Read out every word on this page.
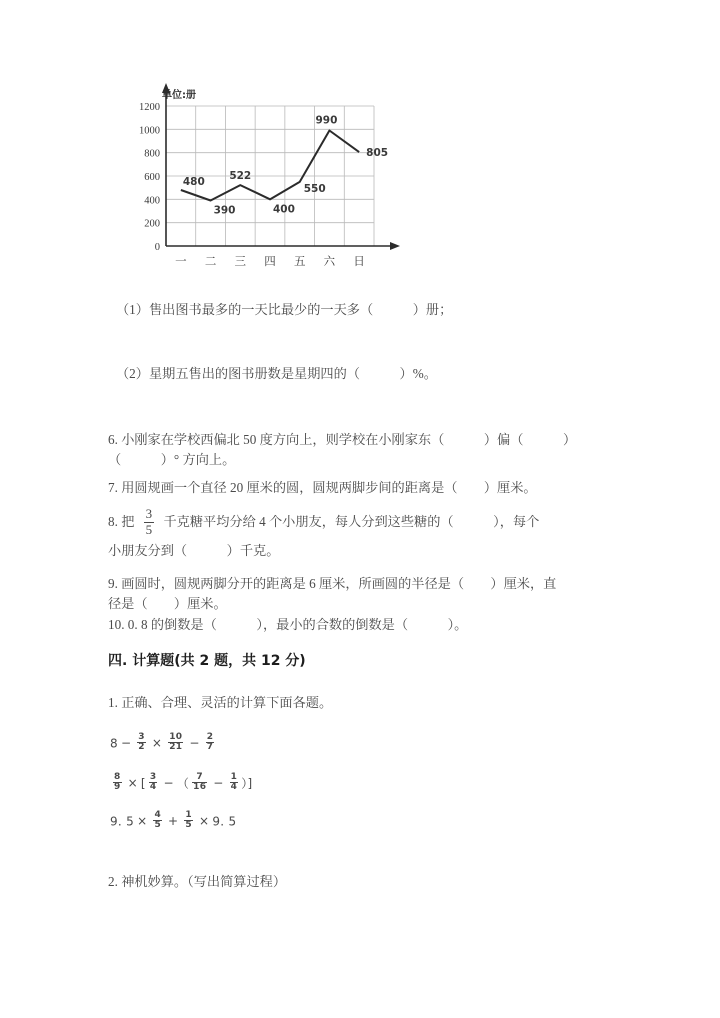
单位:册
0
200
400
600
800
1000
1200
一 二 三 四 五 六 日
480
390
522
400
550
990
805
（1）售出图书最多的一天比最少的一天多（　　　）册；
（2）星期五售出的图书册数是星期四的（　　　）%。
6. 小刚家在学校西偏北 50 度方向上，则学校在小刚家东（　　　）偏（　　　）
（　　　）° 方向上。
7. 用圆规画一个直径 20 厘米的圆，圆规两脚步间的距离是（　　）厘米。
8. 把 $\frac{3}{5}$ 千克糖平均分给 4 个小朋友，每人分到这些糖的（　　　），每个
小朋友分到（　　　）千克。
9. 画圆时，圆规两脚分开的距离是 6 厘米，所画圆的半径是（　　）厘米，直
径是（　　）厘米。
10. 0. 8 的倒数是（　　　），最小的合数的倒数是（　　　）。
四. 计算题(共 2 题，共 12 分)
1. 正确、合理、灵活的计算下面各题。
$8 - \frac{3}{2} \times \frac{10}{21} - \frac{2}{7}$
$\frac{8}{9}$ × [ $\frac{3}{4}$ − （ $\frac{7}{16} - \frac{1}{4}$ ）]
9. $5 \times \frac{4}{5} + \frac{1}{5} \times 9$. 5
2. 神机妙算。（写出简算过程）
